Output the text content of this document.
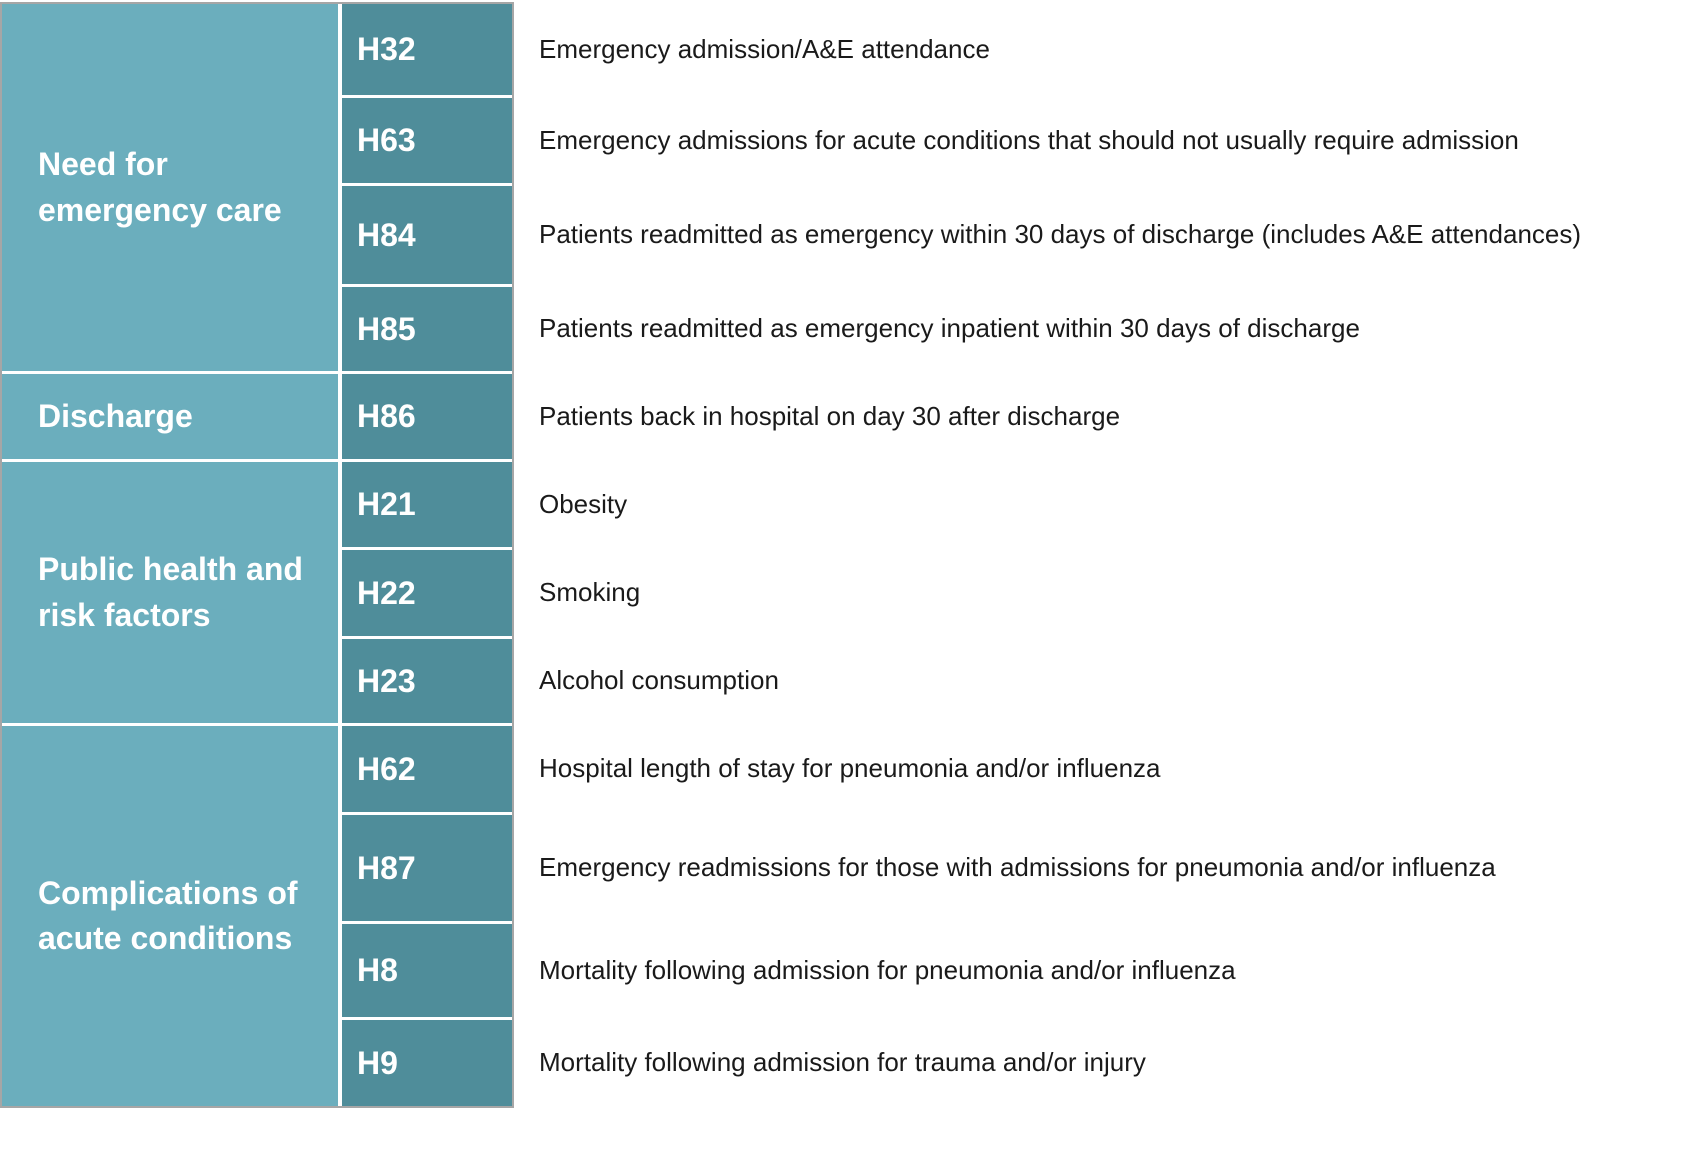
Need for emergency care
H32	Emergency admission/A&E attendance
H63	Emergency admissions for acute conditions that should not usually require admission
H84	Patients readmitted as emergency within 30 days of discharge (includes A&E attendances)
H85	Patients readmitted as emergency inpatient within 30 days of discharge
Discharge	H86	Patients back in hospital on day 30 after discharge
Public health and risk factors
H21	Obesity
H22	Smoking
H23	Alcohol consumption
Complications of acute conditions
H62	Hospital length of stay for pneumonia and/or influenza
H87	Emergency readmissions for those with admissions for pneumonia and/or influenza
H8	Mortality following admission for pneumonia and/or influenza
H9	Mortality following admission for trauma and/or injury
